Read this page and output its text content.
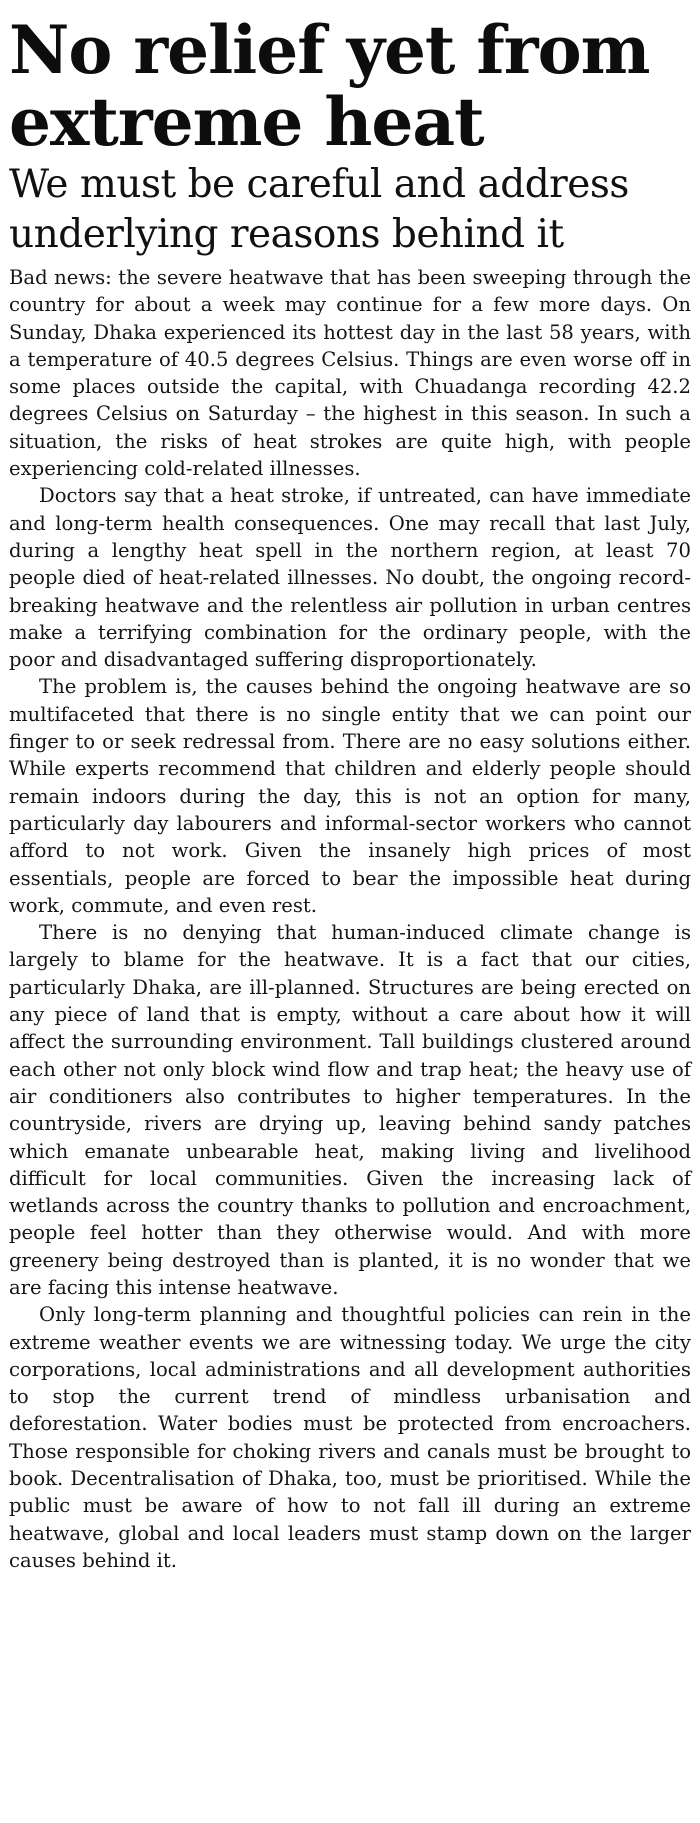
No relief yet from extreme heat
We must be careful and address underlying reasons behind it

Bad news: the severe heatwave that has been sweeping through the country for about a week may continue for a few more days. On Sunday, Dhaka experienced its hottest day in the last 58 years, with a temperature of 40.5 degrees Celsius. Things are even worse off in some places outside the capital, with Chuadanga recording 42.2 degrees Celsius on Saturday – the highest in this season. In such a situation, the risks of heat strokes are quite high, with people experiencing cold-related illnesses.

Doctors say that a heat stroke, if untreated, can have immediate and long-term health consequences. One may recall that last July, during a lengthy heat spell in the northern region, at least 70 people died of heat-related illnesses. No doubt, the ongoing record-breaking heatwave and the relentless air pollution in urban centres make a terrifying combination for the ordinary people, with the poor and disadvantaged suffering disproportionately.

The problem is, the causes behind the ongoing heatwave are so multifaceted that there is no single entity that we can point our finger to or seek redressal from. There are no easy solutions either. While experts recommend that children and elderly people should remain indoors during the day, this is not an option for many, particularly day labourers and informal-sector workers who cannot afford to not work. Given the insanely high prices of most essentials, people are forced to bear the impossible heat during work, commute, and even rest.

There is no denying that human-induced climate change is largely to blame for the heatwave. It is a fact that our cities, particularly Dhaka, are ill-planned. Structures are being erected on any piece of land that is empty, without a care about how it will affect the surrounding environment. Tall buildings clustered around each other not only block wind flow and trap heat; the heavy use of air conditioners also contributes to higher temperatures. In the countryside, rivers are drying up, leaving behind sandy patches which emanate unbearable heat, making living and livelihood difficult for local communities. Given the increasing lack of wetlands across the country thanks to pollution and encroachment, people feel hotter than they otherwise would. And with more greenery being destroyed than is planted, it is no wonder that we are facing this intense heatwave.

Only long-term planning and thoughtful policies can rein in the extreme weather events we are witnessing today. We urge the city corporations, local administrations and all development authorities to stop the current trend of mindless urbanisation and deforestation. Water bodies must be protected from encroachers. Those responsible for choking rivers and canals must be brought to book. Decentralisation of Dhaka, too, must be prioritised. While the public must be aware of how to not fall ill during an extreme heatwave, global and local leaders must stamp down on the larger causes behind it.
